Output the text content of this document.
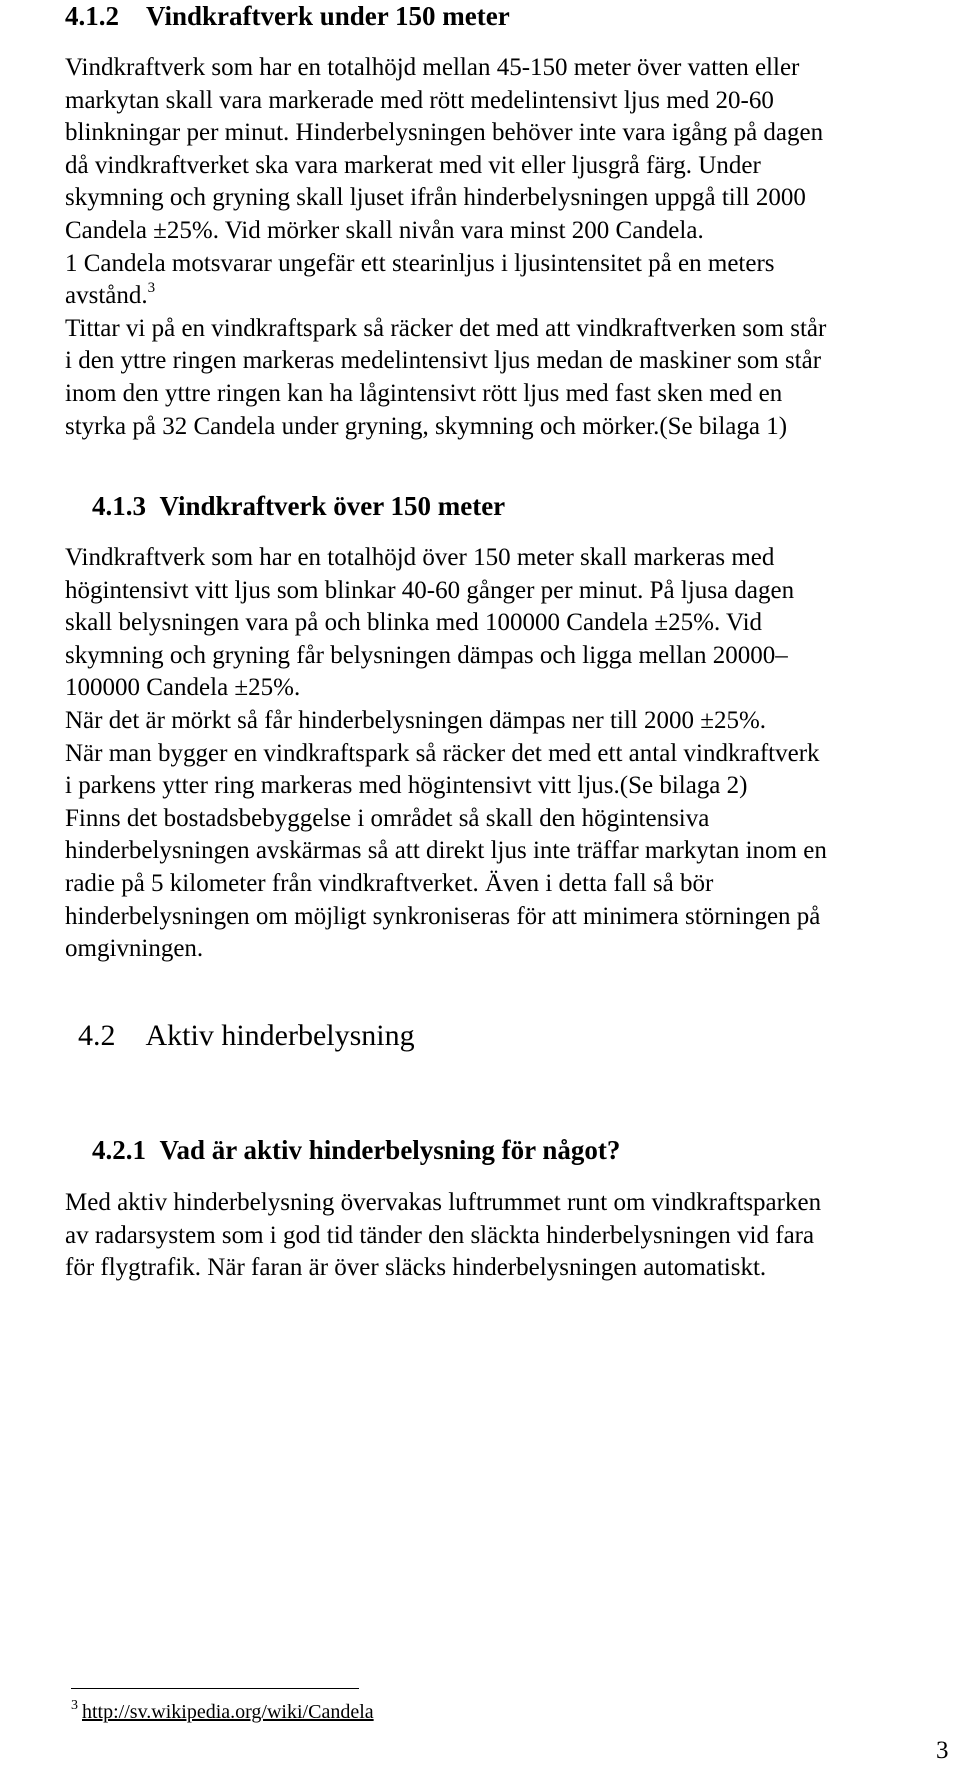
4.1.2    Vindkraftverk under 150 meter
Vindkraftverk som har en totalhöjd mellan 45-150 meter över vatten eller
markytan skall vara markerade med rött medelintensivt ljus med 20-60
blinkningar per minut. Hinderbelysningen behöver inte vara igång på dagen
då vindkraftverket ska vara markerat med vit eller ljusgrå färg. Under
skymning och gryning skall ljuset ifrån hinderbelysningen uppgå till 2000
Candela ±25%. Vid mörker skall nivån vara minst 200 Candela.
1 Candela motsvarar ungefär ett stearinljus i ljusintensitet på en meters
avstånd.$^3$
Tittar vi på en vindkraftspark så räcker det med att vindkraftverken som står
i den yttre ringen markeras medelintensivt ljus medan de maskiner som står
inom den yttre ringen kan ha lågintensivt rött ljus med fast sken med en
styrka på 32 Candela under gryning, skymning och mörker.(Se bilaga 1)
4.1.3  Vindkraftverk över 150 meter
Vindkraftverk som har en totalhöjd över 150 meter skall markeras med
högintensivt vitt ljus som blinkar 40-60 gånger per minut. På ljusa dagen
skall belysningen vara på och blinka med 100000 Candela ±25%. Vid
skymning och gryning får belysningen dämpas och ligga mellan 20000–
100000 Candela ±25%.
När det är mörkt så får hinderbelysningen dämpas ner till 2000 ±25%.
När man bygger en vindkraftspark så räcker det med ett antal vindkraftverk
i parkens ytter ring markeras med högintensivt vitt ljus.(Se bilaga 2)
Finns det bostadsbebyggelse i området så skall den högintensiva
hinderbelysningen avskärmas så att direkt ljus inte träffar markytan inom en
radie på 5 kilometer från vindkraftverket. Även i detta fall så bör
hinderbelysningen om möjligt synkroniseras för att minimera störningen på
omgivningen.
4.2    Aktiv hinderbelysning
4.2.1  Vad är aktiv hinderbelysning för något?
Med aktiv hinderbelysning övervakas luftrummet runt om vindkraftsparken
av radarsystem som i god tid tänder den släckta hinderbelysningen vid fara
för flygtrafik. När faran är över släcks hinderbelysningen automatiskt.
$^3$ http://sv.wikipedia.org/wiki/Candela
3
